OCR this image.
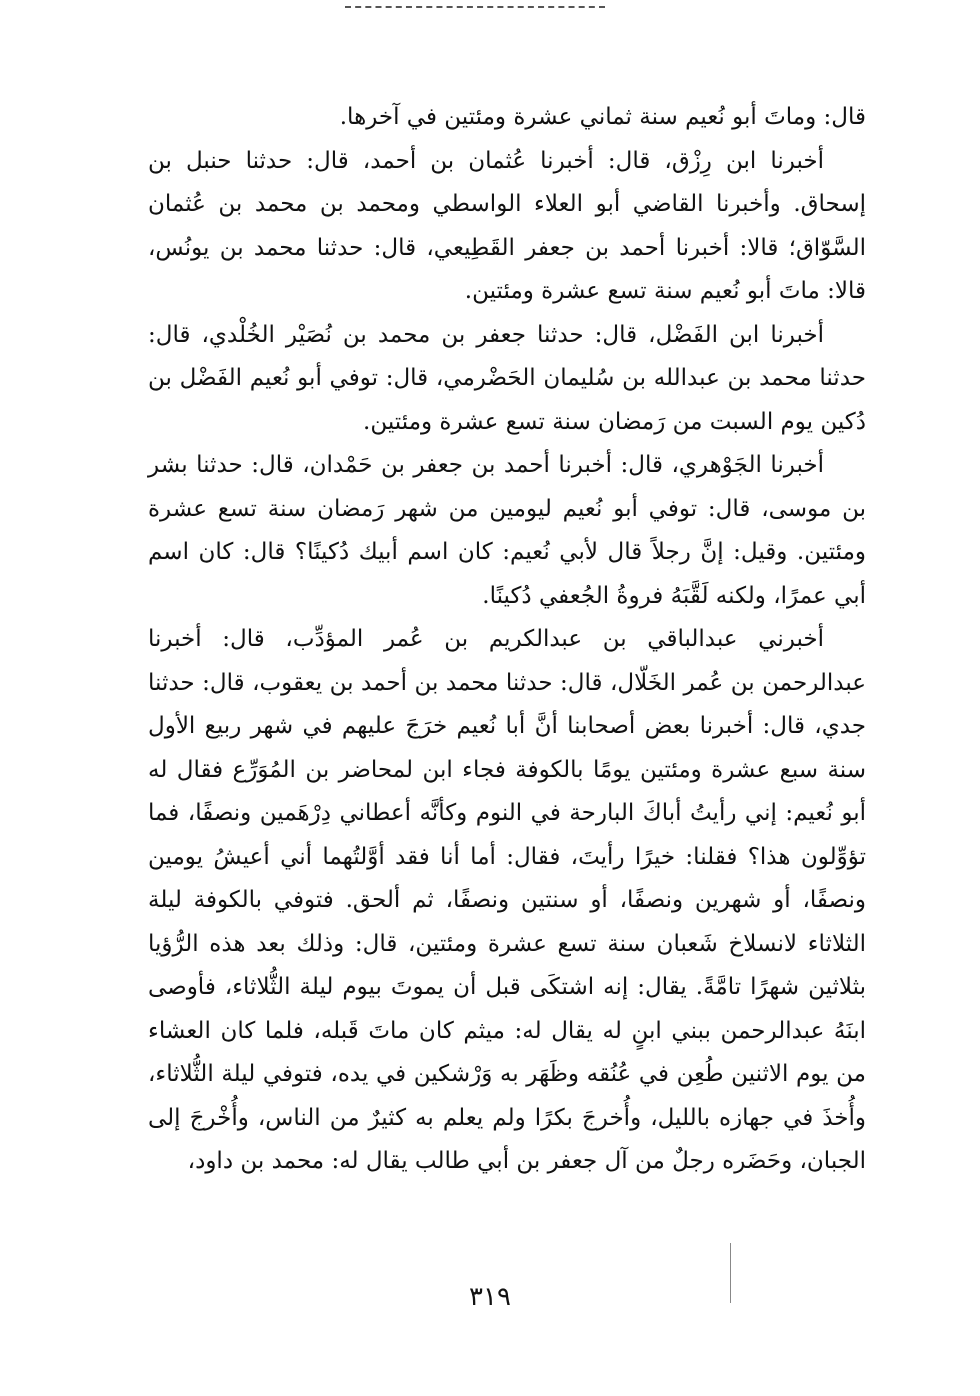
قال: وماتَ أبو نُعيم سنة ثماني عشرة ومئتين في آخرها.

أخبرنا ابن رِزْق، قال: أخبرنا عُثمان بن أحمد، قال: حدثنا حنبل بن إسحاق. وأخبرنا القاضي أبو العلاء الواسطي ومحمد بن محمد بن عُثمان السَّوّاق؛ قالا: أخبرنا أحمد بن جعفر القَطِيعي، قال: حدثنا محمد بن يونُس، قالا: ماتَ أبو نُعيم سنة تسع عشرة ومئتين.

أخبرنا ابن الفَضْل، قال: حدثنا جعفر بن محمد بن نُصَيْر الخُلْدي، قال: حدثنا محمد بن عبدالله بن سُليمان الحَضْرمي، قال: توفي أبو نُعيم الفَضْل بن دُكين يوم السبت من رَمضان سنة تسع عشرة ومئتين.

أخبرنا الجَوْهري، قال: أخبرنا أحمد بن جعفر بن حَمْدان، قال: حدثنا بشر بن موسى، قال: توفي أبو نُعيم ليومين من شهر رَمضان سنة تسع عشرة ومئتين. وقيل: إنَّ رجلاً قال لأبي نُعيم: كان اسم أبيك دُكينًا؟ قال: كان اسم أبي عمرًا، ولكنه لَقَّبَهُ فروةُ الجُعفي دُكينًا.

أخبرني عبدالباقي بن عبدالكريم بن عُمر المؤدِّب، قال: أخبرنا عبدالرحمن بن عُمر الخَلّال، قال: حدثنا محمد بن أحمد بن يعقوب، قال: حدثنا جدي، قال: أخبرنا بعض أصحابنا أنَّ أبا نُعيم خرَجَ عليهم في شهر ربيع الأول سنة سبع عشرة ومئتين يومًا بالكوفة فجاء ابن لمحاضر بن المُوَرِّع فقال له أبو نُعيم: إني رأيتُ أباكَ البارحة في النوم وكأنَّه أعطاني دِرْهَمين ونصفًا، فما تؤوِّلون هذا؟ فقلنا: خيرًا رأيتَ، فقال: أما أنا فقد أوَّلتُهما أني أعيشُ يومين ونصفًا، أو شهرين ونصفًا، أو سنتين ونصفًا، ثم ألحق. فتوفي بالكوفة ليلة الثلاثاء لانسلاخ شَعبان سنة تسع عشرة ومئتين، قال: وذلك بعد هذه الرُّؤيا بثلاثين شهرًا تامَّةً. يقال: إنه اشتكَى قبل أن يموتَ بيوم ليلة الثُّلاثاء، فأوصى ابنَهُ عبدالرحمن ببني ابنٍ له يقال له: ميثم كان ماتَ قَبله، فلما كان العشاء من يوم الاثنين طُعِن في عُنُقه وظَهَر به وَرْشكين في يده، فتوفي ليلة الثُّلاثاء، وأُخذَ في جهازه بالليل، وأُخرجَ بكرًا ولم يعلم به كثيرٌ من الناس، وأُخْرجَ إلى الجبان، وحَضَره رجلٌ من آل جعفر بن أبي طالب يقال له: محمد بن داود،

٣١٩
